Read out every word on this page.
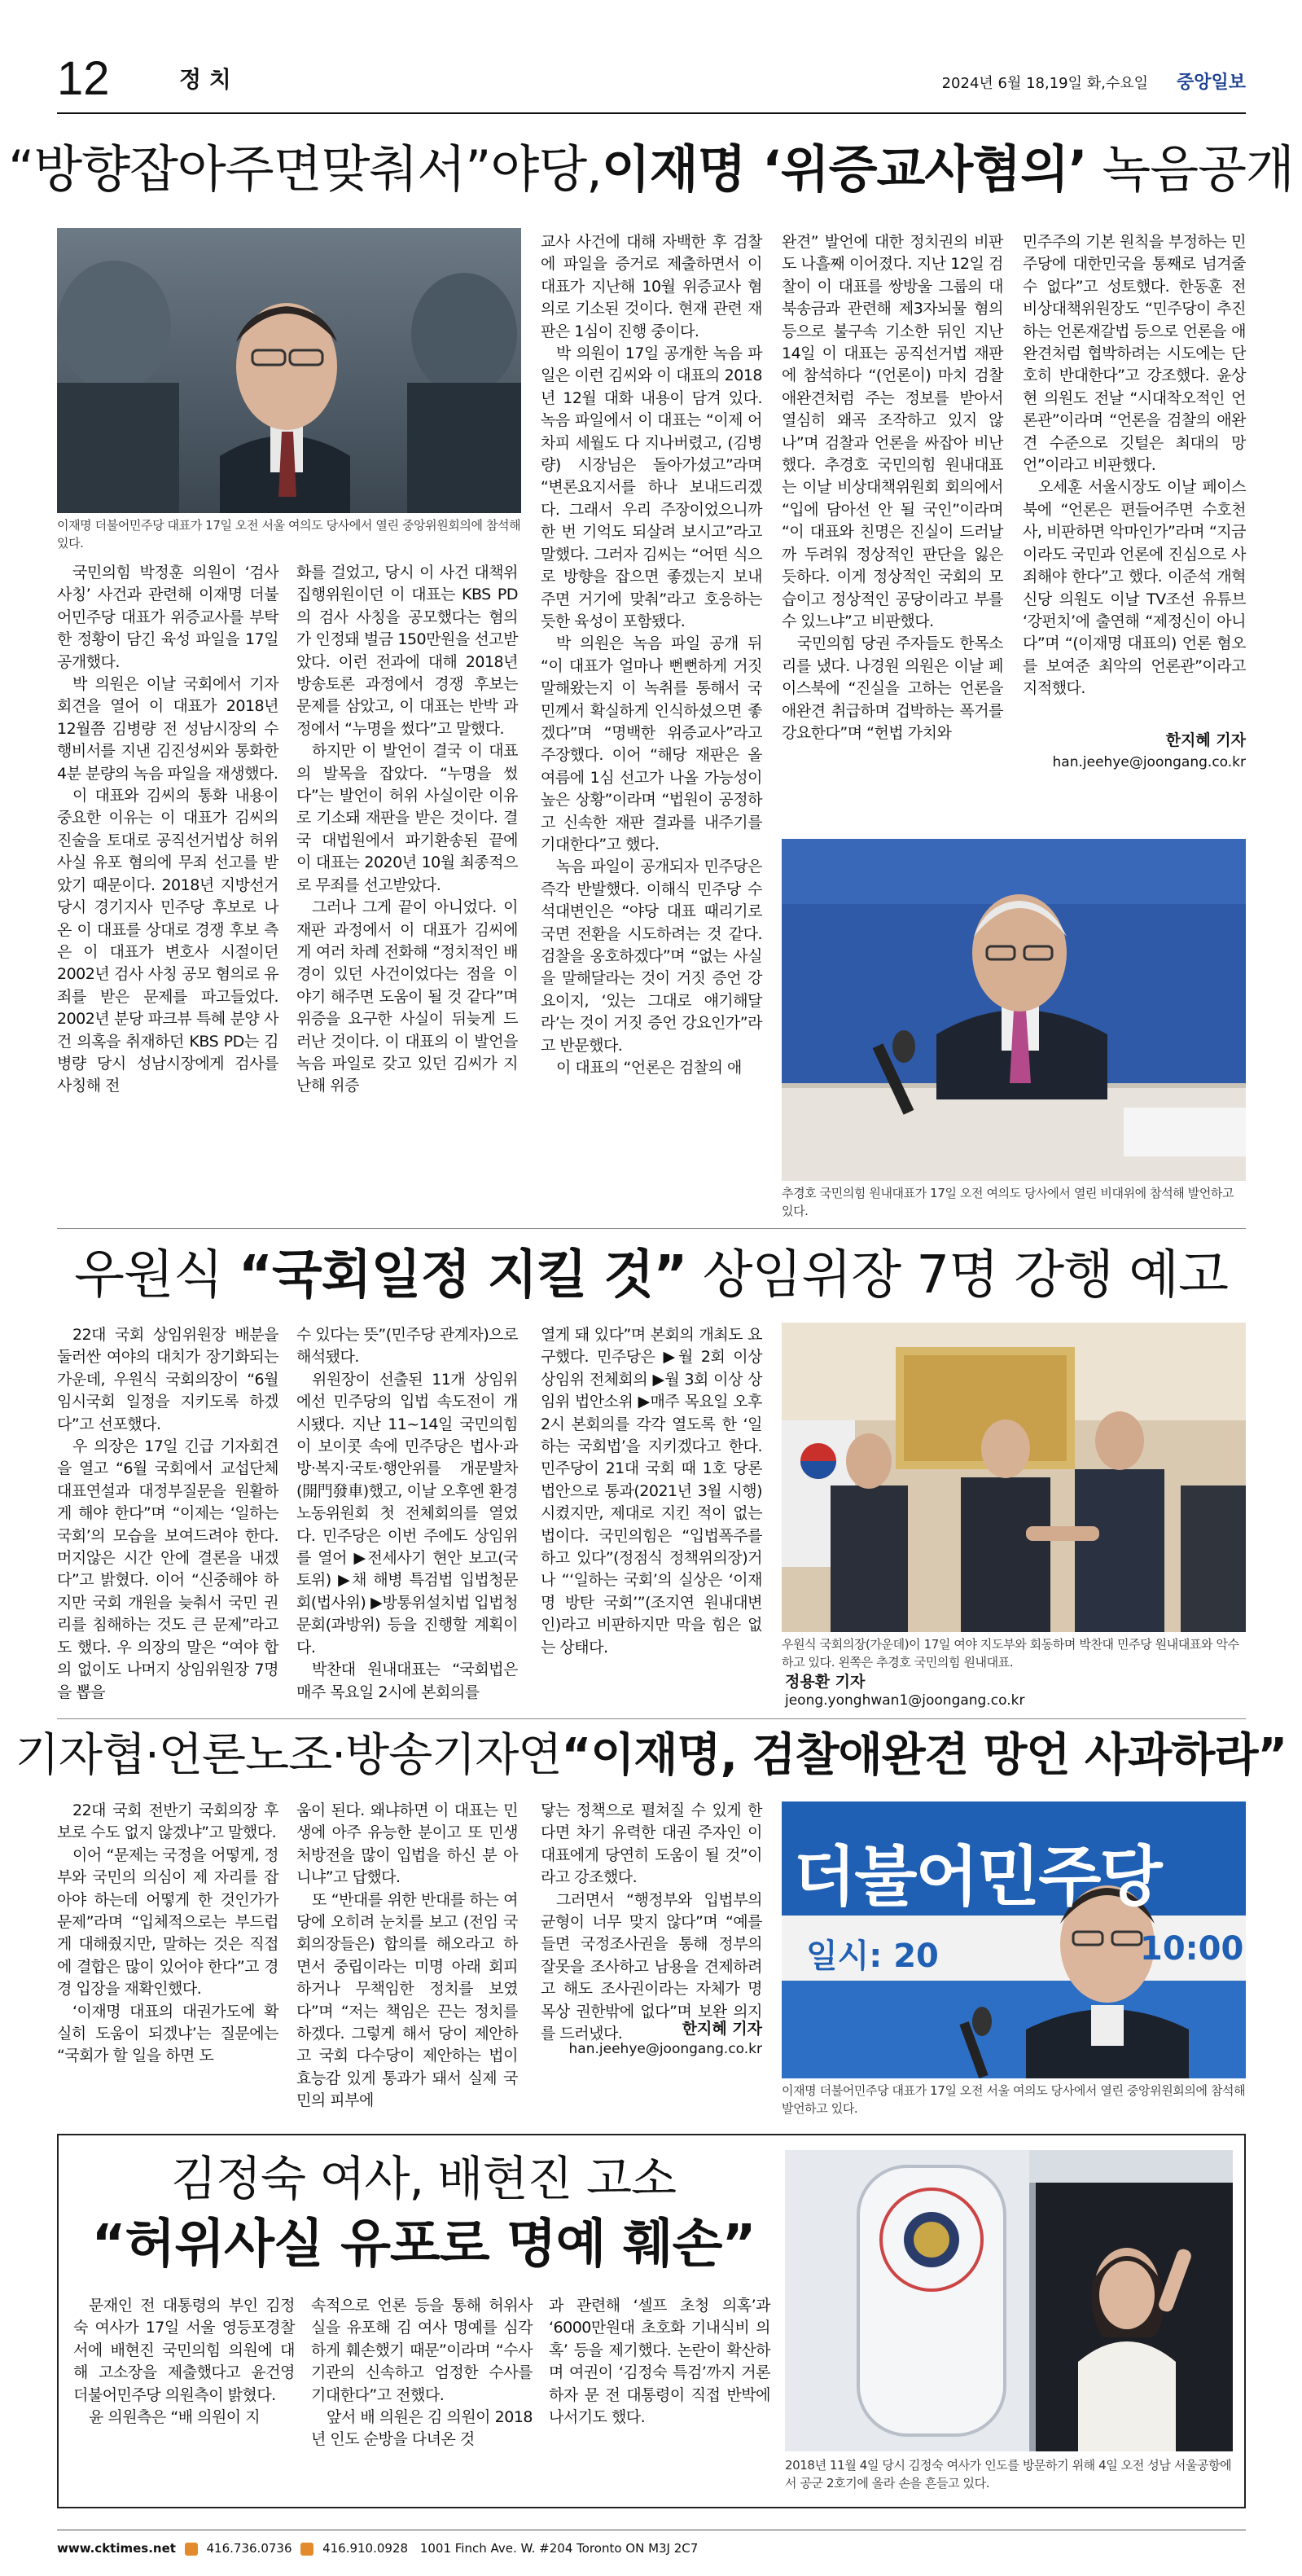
12	정 치	2024년 6월 18,19일 화,수요일 중앙일보
“방향잡아주면맞춰서”야당,이재명 ‘위증교사혐의’ 녹음공개
이재명 더불어민주당 대표가 17일 오전 서울 여의도 당사에서 열린 중앙위원회의에 참석해 있다.

국민의힘 박정훈 의원이 ‘검사 사칭’ 사건과 관련해 이재명 더불어민주당 대표가 위증교사를 부탁한 정황이 담긴 육성 파일을 17일 공개했다.

박 의원은 이날 국회에서 기자회견을 열어 이 대표가 2018년 12월쯤 김병량 전 성남시장의 수행비서를 지낸 김진성씨와 통화한 4분 분량의 녹음 파일을 재생했다.

이 대표와 김씨의 통화 내용이 중요한 이유는 이 대표가 김씨의 진술을 토대로 공직선거법상 허위사실 유포 혐의에 무죄 선고를 받았기 때문이다. 2018년 지방선거 당시 경기지사 민주당 후보로 나온 이 대표를 상대로 경쟁 후보 측은 이 대표가 변호사 시절이던 2002년 검사 사칭 공모 혐의로 유죄를 받은 문제를 파고들었다. 2002년 분당 파크뷰 특혜 분양 사건 의혹을 취재하던 KBS PD는 김병량 당시 성남시장에게 검사를 사칭해 전

화를 걸었고, 당시 이 사건 대책위 집행위원이던 이 대표는 KBS PD의 검사 사칭을 공모했다는 혐의가 인정돼 벌금 150만원을 선고받았다. 이런 전과에 대해 2018년 방송토론 과정에서 경쟁 후보는 문제를 삼았고, 이 대표는 반박 과정에서 “누명을 썼다”고 말했다.

하지만 이 발언이 결국 이 대표의 발목을 잡았다. “누명을 썼다”는 발언이 허위 사실이란 이유로 기소돼 재판을 받은 것이다. 결국 대법원에서 파기환송된 끝에 이 대표는 2020년 10월 최종적으로 무죄를 선고받았다.

그러나 그게 끝이 아니었다. 이 재판 과정에서 이 대표가 김씨에게 여러 차례 전화해 “정치적인 배경이 있던 사건이었다는 점을 이야기 해주면 도움이 될 것 같다”며 위증을 요구한 사실이 뒤늦게 드러난 것이다. 이 대표의 이 발언을 녹음 파일로 갖고 있던 김씨가 지난해 위증

교사 사건에 대해 자백한 후 검찰에 파일을 증거로 제출하면서 이 대표가 지난해 10월 위증교사 혐의로 기소된 것이다. 현재 관련 재판은 1심이 진행 중이다.

박 의원이 17일 공개한 녹음 파일은 이런 김씨와 이 대표의 2018년 12월 대화 내용이 담겨 있다. 녹음 파일에서 이 대표는 “이제 어차피 세월도 다 지나버렸고, (김병량) 시장님은 돌아가셨고”라며 “변론요지서를 하나 보내드리겠다. 그래서 우리 주장이었으니까 한 번 기억도 되살려 보시고”라고 말했다. 그러자 김씨는 “어떤 식으로 방향을 잡으면 좋겠는지 보내주면 거기에 맞춰”라고 호응하는 듯한 육성이 포함됐다.

박 의원은 녹음 파일 공개 뒤 “이 대표가 얼마나 뻔뻔하게 거짓말해왔는지 이 녹취를 통해서 국민께서 확실하게 인식하셨으면 좋겠다”며 “명백한 위증교사”라고 주장했다. 이어 “해당 재판은 올 여름에 1심 선고가 나올 가능성이 높은 상황”이라며 “법원이 공정하고 신속한 재판 결과를 내주기를 기대한다”고 했다.

녹음 파일이 공개되자 민주당은 즉각 반발했다. 이해식 민주당 수석대변인은 “야당 대표 때리기로 국면 전환을 시도하려는 것 같다. 검찰을 옹호하겠다”며 “없는 사실을 말해달라는 것이 거짓 증언 강요이지, ‘있는 그대로 얘기해달라’는 것이 거짓 증언 강요인가”라고 반문했다.

이 대표의 “언론은 검찰의 애

완견” 발언에 대한 정치권의 비판도 나흘째 이어졌다. 지난 12일 검찰이 이 대표를 쌍방울 그룹의 대북송금과 관련해 제3자뇌물 혐의 등으로 불구속 기소한 뒤인 지난 14일 이 대표는 공직선거법 재판에 참석하다 “(언론이) 마치 검찰 애완견처럼 주는 정보를 받아서 열심히 왜곡 조작하고 있지 않나”며 검찰과 언론을 싸잡아 비난했다. 추경호 국민의힘 원내대표는 이날 비상대책위원회 회의에서 “입에 담아선 안 될 국인”이라며 “이 대표와 친명은 진실이 드러날까 두려워 정상적인 판단을 잃은 듯하다. 이게 정상적인 국회의 모습이고 정상적인 공당이라고 부를 수 있느냐”고 비판했다.

국민의힘 당권 주자들도 한목소리를 냈다. 나경원 의원은 이날 페이스북에 “진실을 고하는 언론을 애완견 취급하며 겁박하는 폭거를 강요한다”며 “헌법 가치와

민주주의 기본 원칙을 부정하는 민주당에 대한민국을 통째로 넘겨줄 수 없다”고 성토했다. 한동훈 전 비상대책위원장도 “민주당이 추진하는 언론재갈법 등으로 언론을 애완견처럼 협박하려는 시도에는 단호히 반대한다”고 강조했다. 윤상현 의원도 전날 “시대착오적인 언론관”이라며 “언론을 검찰의 애완견 수준으로 깃털은 최대의 망언”이라고 비판했다.

오세훈 서울시장도 이날 페이스북에 “언론은 편들어주면 수호천사, 비판하면 악마인가”라며 “지금이라도 국민과 언론에 진심으로 사죄해야 한다”고 했다. 이준석 개혁신당 의원도 이날 TV조선 유튜브 ‘강펀치’에 출연해 “제정신이 아니다”며 “(이재명 대표의) 언론 혐오를 보여준 최악의 언론관”이라고 지적했다.

한지혜 기자
han.jeehye@joongang.co.kr
추경호 국민의힘 원내대표가 17일 오전 여의도 당사에서 열린 비대위에 참석해 발언하고 있다.
우원식 “국회일정 지킬 것” 상임위장 7명 강행 예고

22대 국회 상임위원장 배분을 둘러싼 여야의 대치가 장기화되는 가운데, 우원식 국회의장이 “6월 임시국회 일정을 지키도록 하겠다”고 선포했다.

우 의장은 17일 긴급 기자회견을 열고 “6월 국회에서 교섭단체 대표연설과 대정부질문을 원활하게 해야 한다”며 “이제는 ‘일하는 국회’의 모습을 보여드려야 한다. 머지않은 시간 안에 결론을 내겠다”고 밝혔다. 이어 “신중해야 하지만 국회 개원을 늦춰서 국민 권리를 침해하는 것도 큰 문제”라고도 했다. 우 의장의 말은 “여야 합의 없이도 나머지 상임위원장 7명을 뽑을

수 있다는 뜻”(민주당 관계자)으로 해석됐다.

위원장이 선출된 11개 상임위에선 민주당의 입법 속도전이 개시됐다. 지난 11~14일 국민의힘이 보이콧 속에 민주당은 법사·과방·복지·국토·행안위를 개문발차(開門發車)했고, 이날 오후엔 환경노동위원회 첫 전체회의를 열었다. 민주당은 이번 주에도 상임위를 열어 ▶전세사기 현안 보고(국토위) ▶채 해병 특검법 입법청문회(법사위) ▶방통위설치법 입법청문회(과방위) 등을 진행할 계획이다.

박찬대 원내대표는 “국회법은 매주 목요일 2시에 본회의를

열게 돼 있다”며 본회의 개최도 요구했다. 민주당은 ▶월 2회 이상 상임위 전체회의 ▶월 3회 이상 상임위 법안소위 ▶매주 목요일 오후 2시 본회의를 각각 열도록 한 ‘일하는 국회법’을 지키겠다고 한다. 민주당이 21대 국회 때 1호 당론 법안으로 통과(2021년 3월 시행)시켰지만, 제대로 지킨 적이 없는 법이다. 국민의힘은 “입법폭주를 하고 있다”(정점식 정책위의장)거나 “‘일하는 국회’의 실상은 ‘이재명 방탄 국회’”(조지연 원내대변인)라고 비판하지만 막을 힘은 없는 상태다.	우원식 국회의장(가운데)이 17일 여야 지도부와 회동하며 박찬대 민주당 원내대표와 악수하고 있다. 왼쪽은 추경호 국민의힘 원내대표.
정용환 기자
jeong.yonghwan1@joongang.co.kr
기자협·언론노조·방송기자연“이재명, 검찰애완견 망언 사과하라”

22대 국회 전반기 국회의장 후보로 수도 없지 않겠냐”고 말했다.

이어 “문제는 국정을 어떻게, 정부와 국민의 의심이 제 자리를 잡아야 하는데 어떻게 한 것인가가 문제”라며 “입체적으로는 부드럽게 대해줬지만, 말하는 것은 직접에 결합은 많이 있어야 한다”고 경경 입장을 재확인했다.

‘이재명 대표의 대권가도에 확실히 도움이 되겠냐’는 질문에는 “국회가 할 일을 하면 도

움이 된다. 왜냐하면 이 대표는 민생에 아주 유능한 분이고 또 민생 처방전을 많이 입법을 하신 분 아니냐”고 답했다.

또 “반대를 위한 반대를 하는 여당에 오히려 눈치를 보고 (전임 국회의장들은) 합의를 해오라고 하면서 중립이라는 미명 아래 회피하거나 무책임한 정치를 보였다”며 “저는 책임은 끈는 정치를 하겠다. 그렇게 해서 당이 제안하고 국회 다수당이 제안하는 법이 효능감 있게 통과가 돼서 실제 국민의 피부에

닿는 정책으로 펼쳐질 수 있게 한다면 차기 유력한 대권 주자인 이 대표에게 당연히 도움이 될 것”이라고 강조했다.

그러면서 “행정부와 입법부의 균형이 너무 맞지 않다”며 “예를 들면 국정조사권을 통해 정부의 잘못을 조사하고 남용을 견제하려고 해도 조사권이라는 자체가 명목상 권한밖에 없다”며 보완 의지를 드러냈다.	한지혜 기자
han.jeehye@joongang.co.kr
더불어민주당
일시: 20	10:00
이재명 더불어민주당 대표가 17일 오전 서울 여의도 당사에서 열린 중앙위원회의에 참석해 발언하고 있다.
김정숙 여사, 배현진 고소
“허위사실 유포로 명예 훼손”

문재인 전 대통령의 부인 김정숙 여사가 17일 서울 영등포경찰서에 배현진 국민의힘 의원에 대해 고소장을 제출했다고 윤건영 더불어민주당 의원측이 밝혔다.

윤 의원측은 “배 의원이 지

속적으로 언론 등을 통해 허위사실을 유포해 김 여사 명예를 심각하게 훼손했기 때문”이라며 “수사기관의 신속하고 엄정한 수사를 기대한다”고 전했다.

앞서 배 의원은 김 의원이 2018년 인도 순방을 다녀온 것

과 관련해 ‘셀프 초청 의혹’과 ‘6000만원대 초호화 기내식비 의혹’ 등을 제기했다. 논란이 확산하며 여권이 ‘김정숙 특검’까지 거론하자 문 전 대통령이 직접 반박에 나서기도 했다.

2018년 11월 4일 당시 김정숙 여사가 인도를 방문하기 위해 4일 오전 성남 서울공항에서 공군 2호기에 올라 손을 흔들고 있다.
www.cktimes.net	416.736.0736	416.910.0928 1001 Finch Ave. W. #204 Toronto ON M3J 2C7
